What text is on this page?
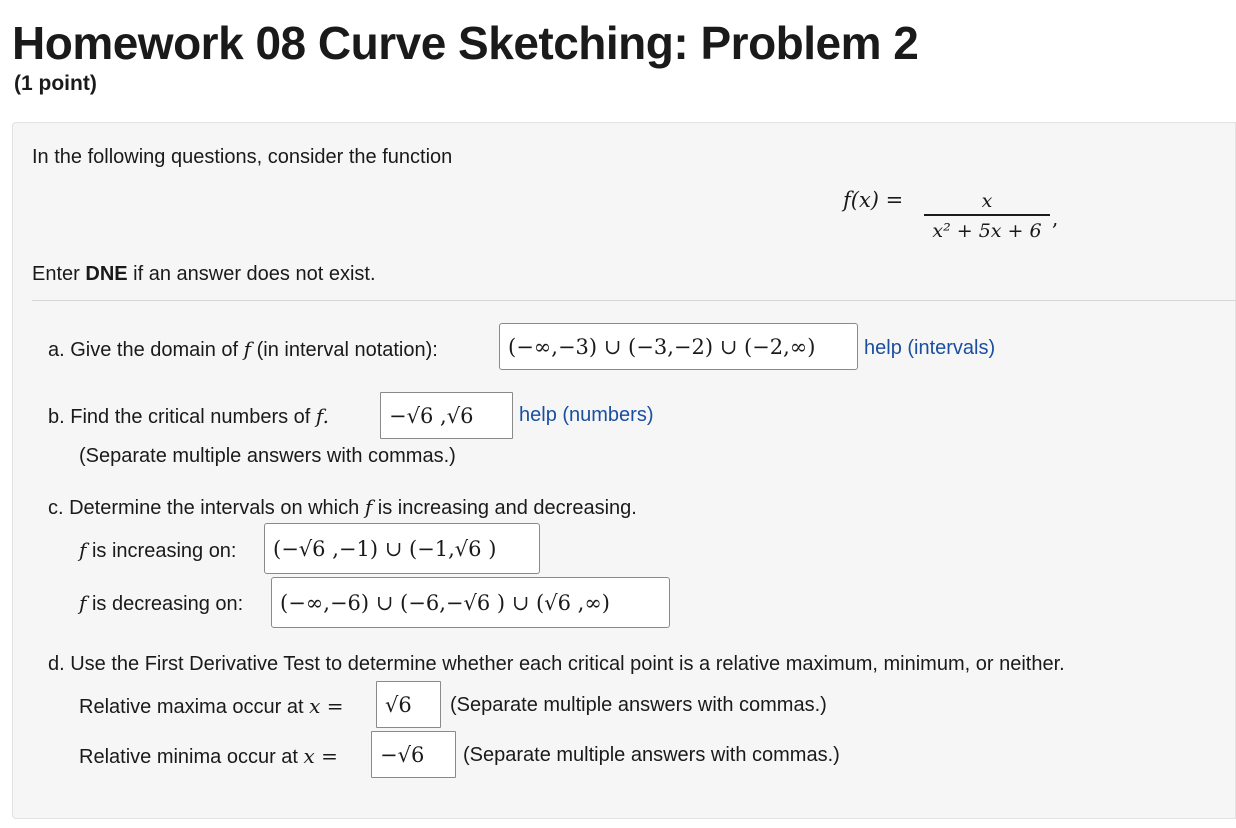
Homework 08 Curve Sketching: Problem 2
(1 point)
In the following questions, consider the function
f(x) =	x
x² + 5x + 6
,
Enter DNE if an answer does not exist.
a. Give the domain of f (in interval notation):	(−∞,−3) ∪ (−3,−2) ∪ (−2,∞)	help (intervals)
b. Find the critical numbers of f.	−√6 ,√6	help (numbers)
(Separate multiple answers with commas.)
c. Determine the intervals on which f is increasing and decreasing.
f is increasing on:	(−√6 ,−1) ∪ (−1,√6 )
f is decreasing on:	(−∞,−6) ∪ (−6,−√6 ) ∪ (√6 ,∞)
d. Use the First Derivative Test to determine whether each critical point is a relative maximum, minimum, or neither.
Relative maxima occur at x =	√6	(Separate multiple answers with commas.)
Relative minima occur at x =	−√6	(Separate multiple answers with commas.)
